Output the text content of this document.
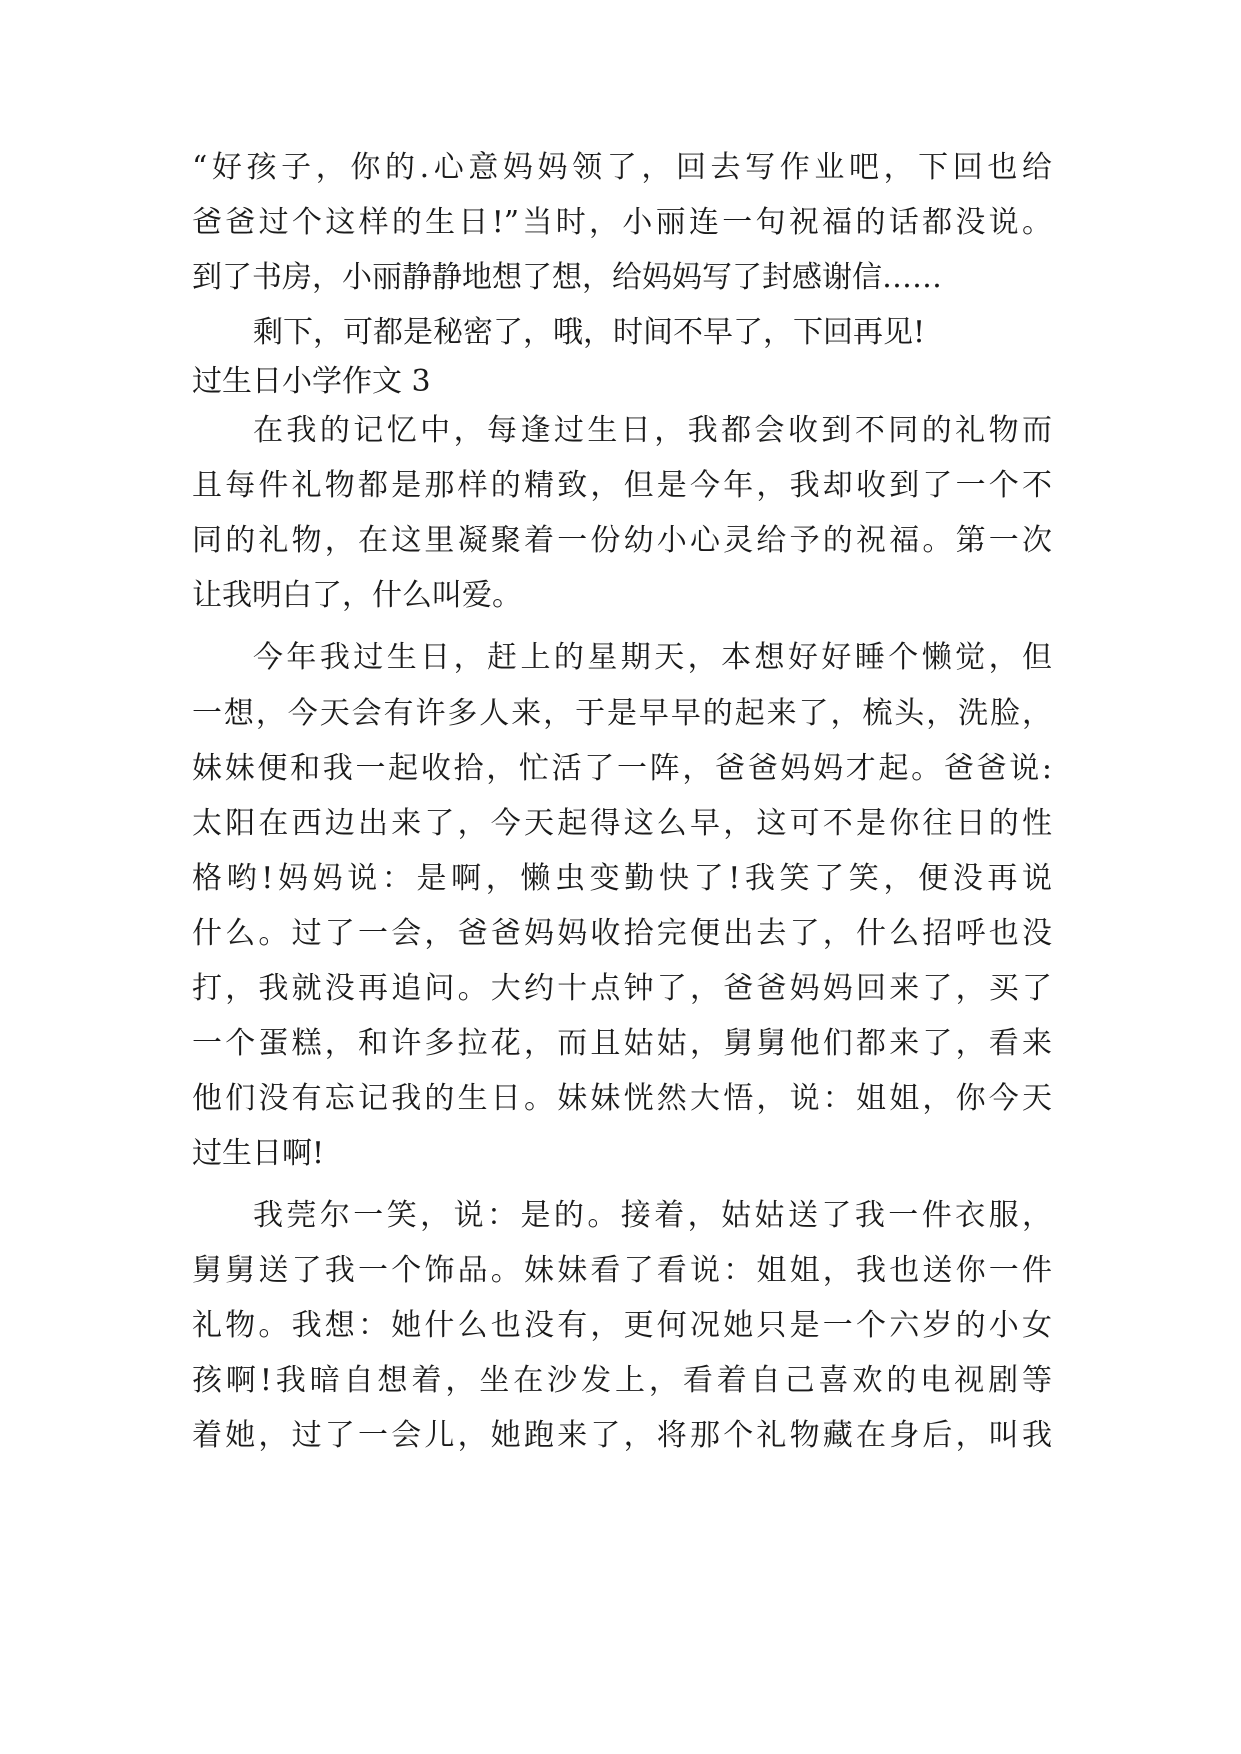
“好孩子，你的.心意妈妈领了，回去写作业吧，下回也给
爸爸过个这样的生日!”当时，小丽连一句祝福的话都没说。
到了书房，小丽静静地想了想，给妈妈写了封感谢信……
剩下，可都是秘密了，哦，时间不早了，下回再见!
过生日小学作文 3
在我的记忆中，每逢过生日，我都会收到不同的礼物而
且每件礼物都是那样的精致，但是今年，我却收到了一个不
同的礼物，在这里凝聚着一份幼小心灵给予的祝福。第一次
让我明白了，什么叫爱。
今年我过生日，赶上的星期天，本想好好睡个懒觉，但
一想，今天会有许多人来，于是早早的起来了，梳头，洗脸，
妹妹便和我一起收拾，忙活了一阵，爸爸妈妈才起。爸爸说:
太阳在西边出来了，今天起得这么早，这可不是你往日的性
格哟!妈妈说：是啊，懒虫变勤快了!我笑了笑，便没再说
什么。过了一会，爸爸妈妈收拾完便出去了，什么招呼也没
打，我就没再追问。大约十点钟了，爸爸妈妈回来了，买了
一个蛋糕，和许多拉花，而且姑姑，舅舅他们都来了，看来
他们没有忘记我的生日。妹妹恍然大悟，说：姐姐，你今天
过生日啊!
我莞尔一笑，说：是的。接着，姑姑送了我一件衣服，
舅舅送了我一个饰品。妹妹看了看说：姐姐，我也送你一件
礼物。我想：她什么也没有，更何况她只是一个六岁的小女
孩啊!我暗自想着，坐在沙发上，看着自己喜欢的电视剧等
着她，过了一会儿，她跑来了，将那个礼物藏在身后，叫我
